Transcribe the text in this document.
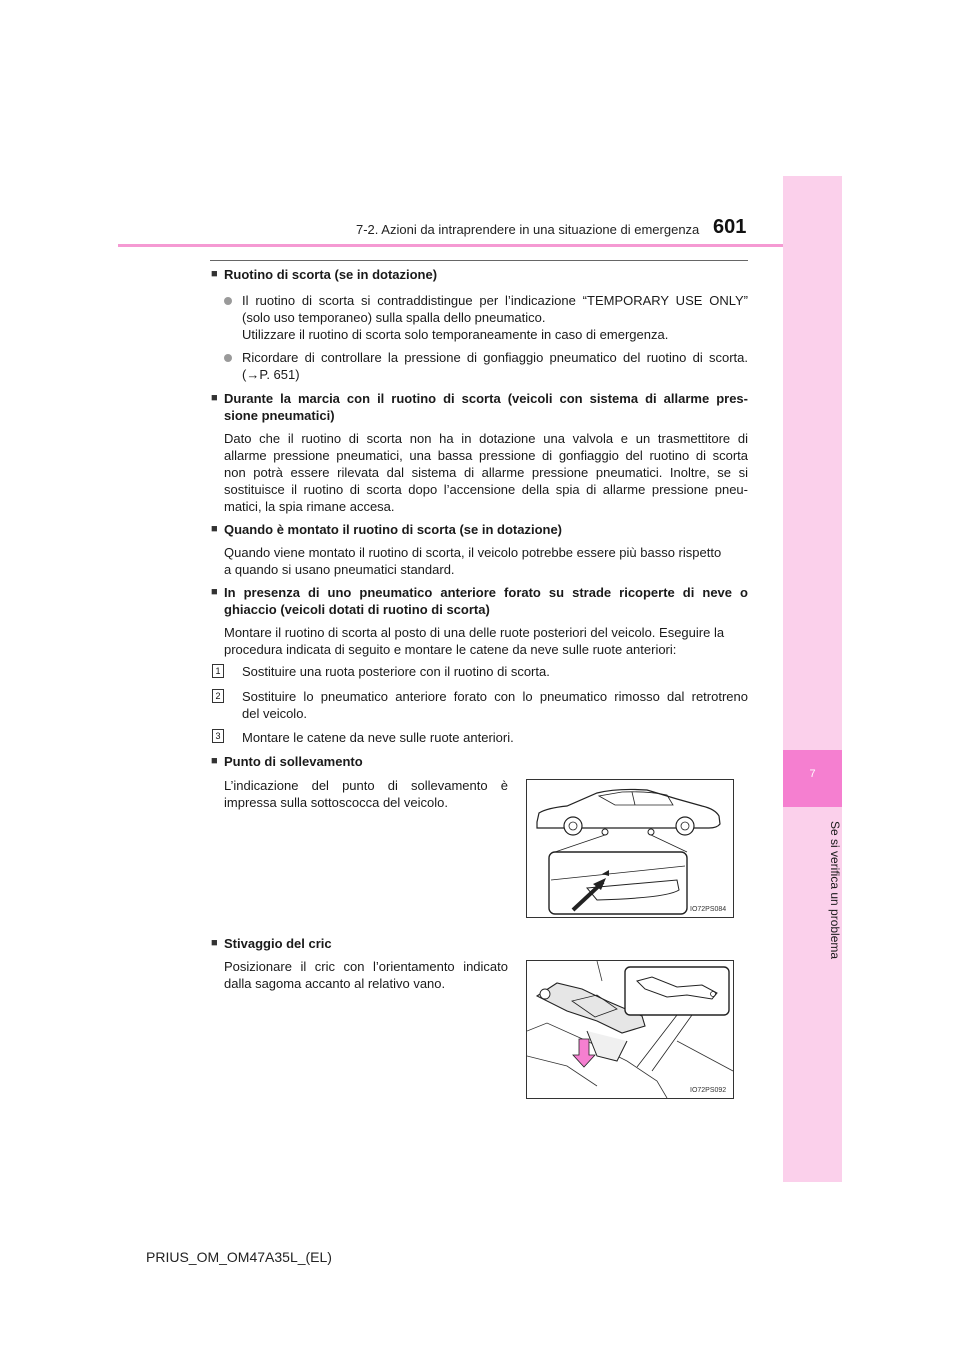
7-2. Azioni da intraprendere in una situazione di emergenza 601
7
Se si verifica un problema
■ Ruotino di scorta (se in dotazione)
Il ruotino di scorta si contraddistingue per l’indicazione “TEMPORARY USE ONLY”
(solo uso temporaneo) sulla spalla dello pneumatico.
Utilizzare il ruotino di scorta solo temporaneamente in caso di emergenza.
Ricordare di controllare la pressione di gonfiaggio pneumatico del ruotino di scorta.
(→P. 651)
■ Durante la marcia con il ruotino di scorta (veicoli con sistema di allarme pres-
sione pneumatici)
Dato che il ruotino di scorta non ha in dotazione una valvola e un trasmettitore di
allarme pressione pneumatici, una bassa pressione di gonfiaggio del ruotino di scorta
non potrà essere rilevata dal sistema di allarme pressione pneumatici. Inoltre, se si
sostituisce il ruotino di scorta dopo l’accensione della spia di allarme pressione pneu-
matici, la spia rimane accesa.
■ Quando è montato il ruotino di scorta (se in dotazione)
Quando viene montato il ruotino di scorta, il veicolo potrebbe essere più basso rispetto
a quando si usano pneumatici standard.
■ In presenza di uno pneumatico anteriore forato su strade ricoperte di neve o
ghiaccio (veicoli dotati di ruotino di scorta)
Montare il ruotino di scorta al posto di una delle ruote posteriori del veicolo. Eseguire la
procedura indicata di seguito e montare le catene da neve sulle ruote anteriori:
1 Sostituire una ruota posteriore con il ruotino di scorta.
2 Sostituire lo pneumatico anteriore forato con lo pneumatico rimosso dal retrotreno
del veicolo.
3 Montare le catene da neve sulle ruote anteriori.
■ Punto di sollevamento
L’indicazione del punto di sollevamento è
impressa sulla sottoscocca del veicolo.
IO72PS084
■ Stivaggio del cric
Posizionare il cric con l’orientamento indicato
dalla sagoma accanto al relativo vano.
IO72PS092
PRIUS_OM_OM47A35L_(EL)
